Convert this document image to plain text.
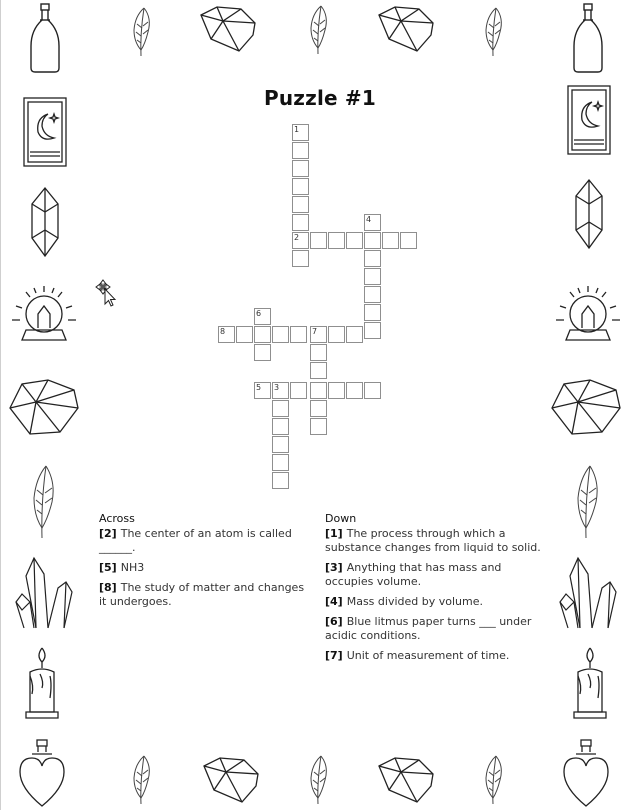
Puzzle #1
1
2
3
4
5
6
7
8
Across
[2] The center of an atom is called ______.
[5] NH3
[8] The study of matter and changes it undergoes.
Down
[1] The process through which a substance changes from liquid to solid.
[3] Anything that has mass and occupies volume.
[4] Mass divided by volume.
[6] Blue litmus paper turns ___ under acidic conditions.
[7] Unit of measurement of time.
